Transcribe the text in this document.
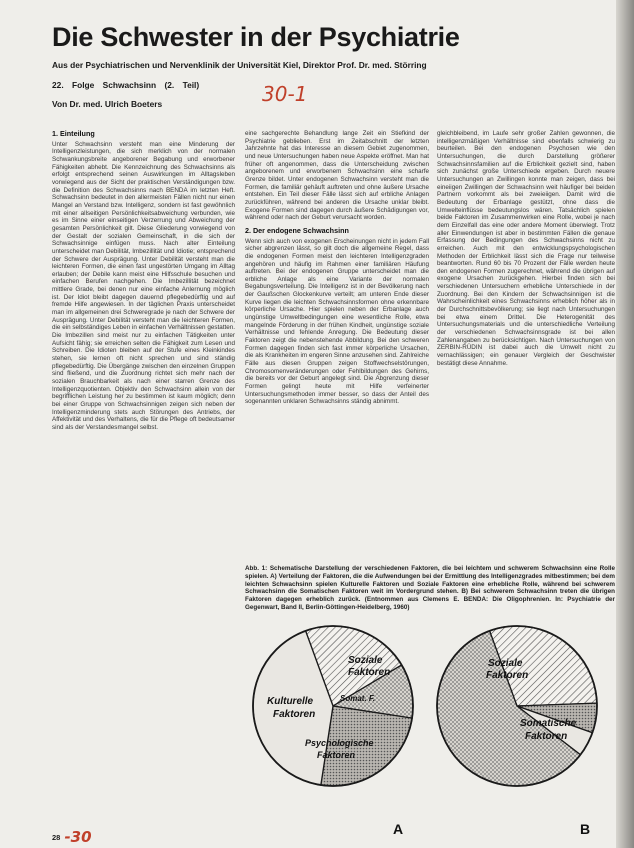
Die Schwester in der Psychiatrie
Aus der Psychiatrischen und Nervenklinik der Universität Kiel, Direktor Prof. Dr. med. Störring
22. Folge Schwachsinn (2. Teil)
Von Dr. med. Ulrich Boeters	30-1

1. Einteilung

Unter Schwachsinn versteht man eine Minderung der Intelligenzleistungen, die sich merklich von der normalen Schwankungsbreite angeborener Begabung und erworbener Fähigkeiten abhebt. Die Kennzeichnung des Schwachsinns als erfolgt entsprechend seinen Auswirkungen im Alltagsleben vorwiegend aus der Sicht der praktischen Verständigungen bzw. die Definition des Schwachsinns nach BENDA im letzten Heft. Schwachsinn bedeutet in den allermeisten Fällen nicht nur einen Mangel an Verstand bzw. Intelligenz, sondern ist fast gewöhnlich mit einer allseitigen Persönlichkeitsabweichung verbunden, wie es im Sinne einer einseitigen Verzerrung und Abweichung der gesamten Persönlichkeit gilt. Diese Gliederung vorwiegend von der Gestalt der sozialen Gemeinschaft, in die sich der Schwachsinnige einfügen muss. Nach alter Einteilung unterscheidet man Debilität, Imbezillität und Idiotie; entsprechend der Schwere der Ausprägung. Unter Debilität versteht man die leichteren Formen, die einen fast ungestörten Umgang im Alltag erlauben; der Debile kann meist eine Hilfsschule besuchen und einfachen Berufen nachgehen. Die Imbezillität bezeichnet mittlere Grade, bei denen nur eine einfache Anlernung möglich ist. Der Idiot bleibt dagegen dauernd pflegebedürftig und auf fremde Hilfe angewiesen. In der täglichen Praxis unterscheidet man im allgemeinen drei Schweregrade je nach der Schwere der Ausprägung. Unter Debilität versteht man die leichteren Formen, die ein selbständiges Leben in einfachen Verhältnissen gestatten. Die Imbezillen sind meist nur zu einfachen Tätigkeiten unter Aufsicht fähig; sie erreichen selten die Fähigkeit zum Lesen und Schreiben. Die Idioten bleiben auf der Stufe eines Kleinkindes stehen, sie lernen oft nicht sprechen und sind ständig pflegebedürftig. Die Übergänge zwischen den einzelnen Gruppen sind fließend, und die Zuordnung richtet sich mehr nach der sozialen Brauchbarkeit als nach einer starren Grenze des Intelligenzquotienten. Objektiv den Schwachsinn allein von der begrifflichen Leistung her zu bestimmen ist kaum möglich; denn bei einer Gruppe von Schwachsinnigen zeigen sich neben der Intelligenzminderung stets auch Störungen des Antriebs, der Affektivität und des Verhaltens, die für die Pflege oft bedeutsamer sind als der Verstandesmangel selbst.

eine sachgerechte Behandlung lange Zeit ein Stiefkind der Psychiatrie geblieben. Erst im Zeitabschnitt der letzten Jahrzehnte hat das Interesse an diesem Gebiet zugenommen, und neue Untersuchungen haben neue Aspekte eröffnet. Man hat früher oft angenommen, dass die Unterscheidung zwischen angeborenem und erworbenem Schwachsinn eine scharfe Grenze bildet. Unter endogenen Schwachsinn versteht man die Formen, die familiär gehäuft auftreten und ohne äußere Ursache entstehen. Ein Teil dieser Fälle lässt sich auf erbliche Anlagen zurückführen, während bei anderen die Ursache unklar bleibt. Exogene Formen sind dagegen durch äußere Schädigungen vor, während oder nach der Geburt verursacht worden.

2. Der endogene Schwachsinn

Wenn sich auch von exogenen Erscheinungen nicht in jedem Fall sicher abgrenzen lässt, so gilt doch die allgemeine Regel, dass die endogenen Formen meist den leichteren Intelligenzgraden angehören und häufig im Rahmen einer familiären Häufung auftreten. Bei der endogenen Gruppe unterscheidet man die erbliche Anlage als eine Variante der normalen Begabungsverteilung. Die Intelligenz ist in der Bevölkerung nach der Gaußschen Glockenkurve verteilt; am unteren Ende dieser Kurve liegen die leichten Schwachsinnsformen ohne erkennbare körperliche Ursache. Hier spielen neben der Erbanlage auch ungünstige Umweltbedingungen eine wesentliche Rolle, etwa mangelnde Förderung in der frühen Kindheit, ungünstige soziale Verhältnisse und fehlende Anregung. Die Bedeutung dieser Faktoren zeigt die nebenstehende Abbildung. Bei den schweren Formen dagegen finden sich fast immer körperliche Ursachen, die als Krankheiten im engeren Sinne anzusehen sind. Zahlreiche Fälle aus diesen Gruppen zeigen Stoffwechselstörungen, Chromosomenveränderungen oder Fehlbildungen des Gehirns, die bereits vor der Geburt angelegt sind. Die Abgrenzung dieser Formen gelingt heute mit Hilfe verfeinerter Untersuchungsmethoden immer besser, so dass der Anteil des sogenannten unklaren Schwachsinns ständig abnimmt.

gleichbleibend, im Laufe sehr großer Zahlen gewonnen, die intelligenzmäßigen Verhältnisse sind ebenfalls schwierig zu beurteilen. Bei den endogenen Psychosen wie den Untersuchungen, die durch Darstellung größerer Schwachsinnsfamilien auf die Erblichkeit gezielt sind, haben sich zunächst große Unterschiede ergeben. Durch neuere Untersuchungen an Zwillingen konnte man zeigen, dass bei eineiigen Zwillingen der Schwachsinn weit häufiger bei beiden Partnern vorkommt als bei zweieiigen. Damit wird die Bedeutung der Erbanlage gestützt, ohne dass die Umwelteinflüsse bedeutungslos wären. Tatsächlich spielen beide Faktoren im Zusammenwirken eine Rolle, wobei je nach dem Einzelfall das eine oder andere Moment überwiegt. Trotz aller Einwendungen ist aber in bestimmten Fällen die genaue Erfassung der Bedingungen des Schwachsinns nicht zu erreichen. Auch mit den entwicklungspsychologischen Methoden der Erblichkeit lässt sich die Frage nur teilweise beantworten. Rund 60 bis 70 Prozent der Fälle werden heute den endogenen Formen zugerechnet, während die übrigen auf exogene Ursachen zurückgehen. Hierbei finden sich bei verschiedenen Untersuchern erhebliche Unterschiede in der Zuordnung. Bei den Kindern der Schwachsinnigen ist die Wahrscheinlichkeit eines Schwachsinns erheblich höher als in der Durchschnittsbevölkerung; sie liegt nach Untersuchungen bei etwa einem Drittel. Die Heterogenität des Untersuchungsmaterials und die unterschiedliche Verteilung der verschiedenen Schwachsinnsgrade ist bei allen Zahlenangaben zu berücksichtigen. Nach Untersuchungen von ZERBIN-RÜDIN ist dabei auch die Umwelt nicht zu vernachlässigen; ein genauer Vergleich der Geschwister bestätigt diese Annahme.

Abb. 1: Schematische Darstellung der verschiedenen Faktoren, die bei leichtem und schwerem Schwachsinn eine Rolle spielen. A) Verteilung der Faktoren, die die Aufwendungen bei der Ermittlung des Intelligenzgrades mitbestimmen; bei dem leichten Schwachsinn spielen Kulturelle Faktoren und Soziale Faktoren eine erhebliche Rolle, während bei schwerem Schwachsinn die Somatischen Faktoren weit im Vordergrund stehen. B) Bei schwerem Schwachsinn treten die übrigen Faktoren dagegen erheblich zurück. (Entnommen aus Clemens E. BENDA: Die Oligophrenien. In: Psychiatrie der Gegenwart, Band II, Berlin-Göttingen-Heidelberg, 1960)
Soziale
Faktoren
Somat. F.
Kulturelle
Faktoren
Psychologische
Faktoren
Soziale
Faktoren
Somatische
Faktoren
A	B
28 -30
